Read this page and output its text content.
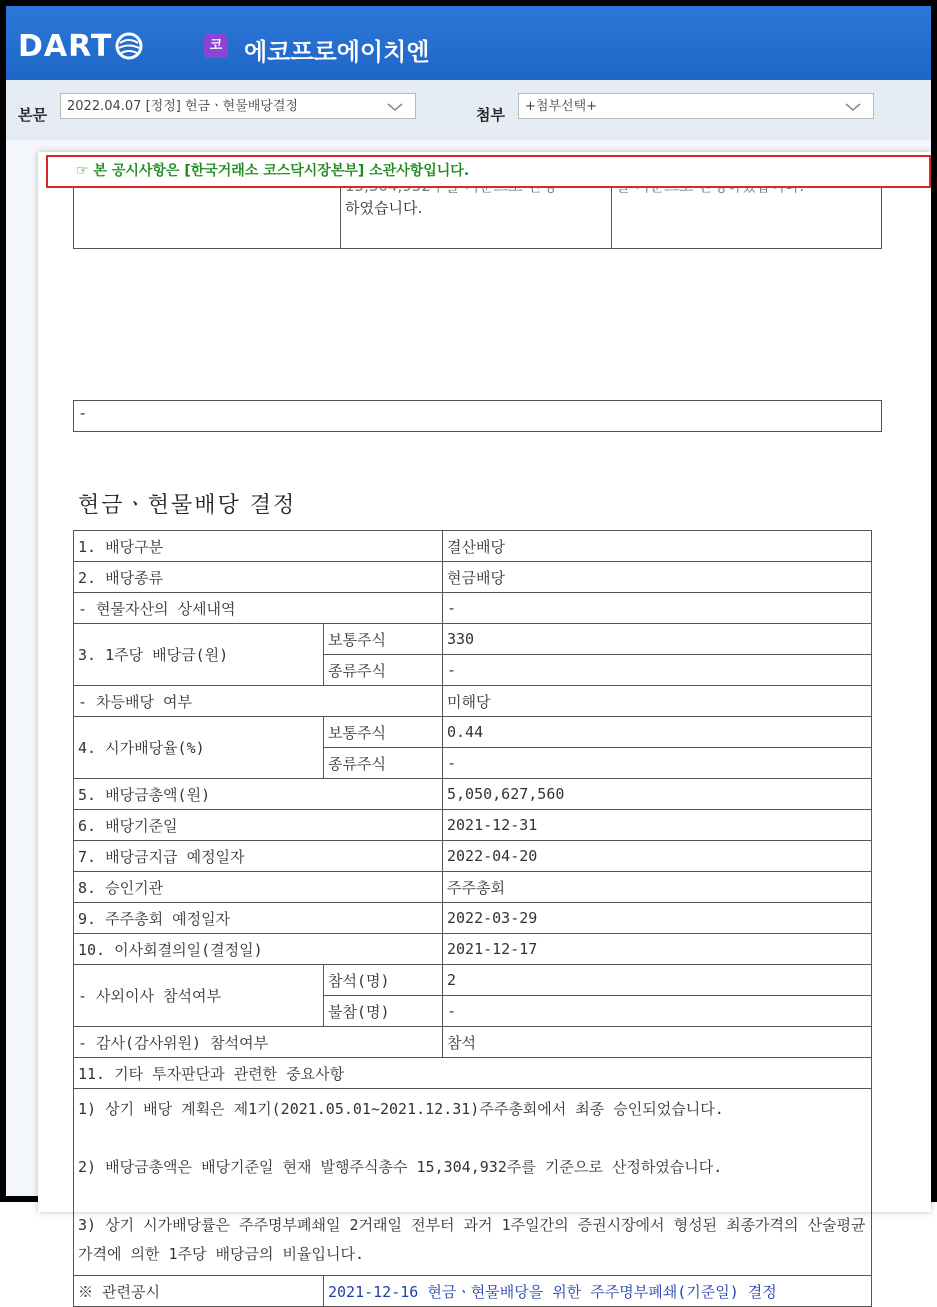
DART	코 에코프로에이치엔
본문	2022.04.07 [정정] 현금ㆍ현물배당결정	첨부	+첨부선택+
☞ 본 공시사항은 [한국거래소 코스닥시장본부] 소관사항입니다.

하였습니다.

-
현금ㆍ현물배당 결정
1. 배당구분		결산배당
2. 배당종류		현금배당
- 현물자산의 상세내역		-
3. 1주당 배당금(원)	보통주식	330
	종류주식	-
- 차등배당 여부		미해당
4. 시가배당율(%)	보통주식	0.44
	종류주식	-
5. 배당금총액(원)		5,050,627,560
6. 배당기준일		2021-12-31
7. 배당금지급 예정일자		2022-04-20
8. 승인기관		주주총회
9. 주주총회 예정일자		2022-03-29
10. 이사회결의일(결정일)		2021-12-17
- 사외이사 참석여부	참석(명)	2
	불참(명)	-
- 감사(감사위원) 참석여부		참석
11. 기타 투자판단과 관련한 중요사항		

1) 상기 배당 계획은 제1기(2021.05.01~2021.12.31)주주총회에서 최종 승인되었습니다.
2) 배당금총액은 배당기준일 현재 발행주식총수 15,304,932주를 기준으로 산정하였습니다.
3) 상기 시가배당률은 주주명부폐쇄일 2거래일 전부터 과거 1주일간의 증권시장에서 형성된 최종가격의 산술평균가격에 의한 1주당 배당금의 비율입니다.		

※ 관련공시	2021-12-16 현금ㆍ현물배당을 위한 주주명부폐쇄(기준일) 결정	
